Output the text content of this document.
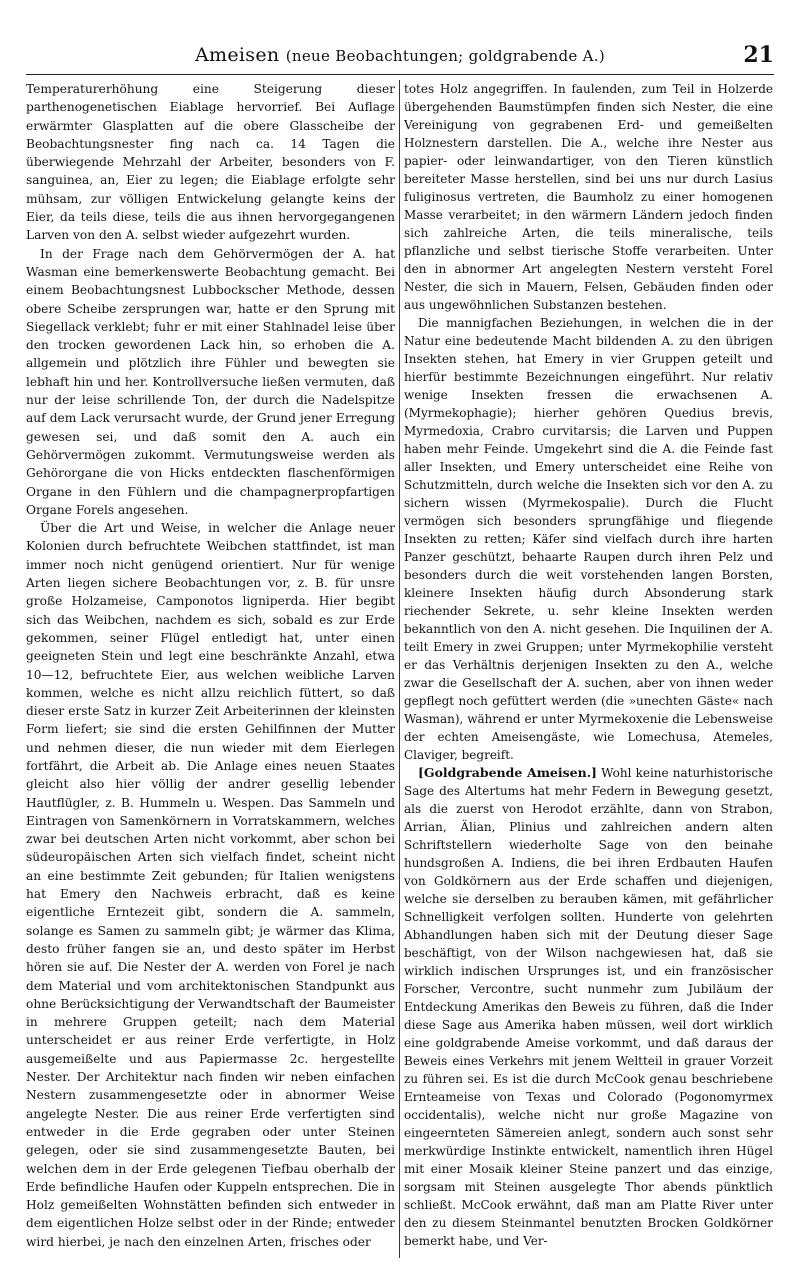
Ameisen (neue Beobachtungen; goldgrabende A.)	21

Temperaturerhöhung eine Steigerung dieser parthenogenetischen Eiablage hervorrief. Bei Auflage erwärmter Glasplatten auf die obere Glasscheibe der Beobachtungsnester fing nach ca. 14 Tagen die überwiegende Mehrzahl der Arbeiter, besonders von F. sanguinea, an, Eier zu legen; die Eiablage erfolgte sehr mühsam, zur völligen Entwickelung gelangte keins der Eier, da teils diese, teils die aus ihnen hervorgegangenen Larven von den A. selbst wieder aufgezehrt wurden.

In der Frage nach dem Gehörvermögen der A. hat Wasman eine bemerkenswerte Beobachtung gemacht. Bei einem Beobachtungsnest Lubbockscher Methode, dessen obere Scheibe zersprungen war, hatte er den Sprung mit Siegellack verklebt; fuhr er mit einer Stahlnadel leise über den trocken gewordenen Lack hin, so erhoben die A. allgemein und plötzlich ihre Fühler und bewegten sie lebhaft hin und her. Kontrollversuche ließen vermuten, daß nur der leise schrillende Ton, der durch die Nadelspitze auf dem Lack verursacht wurde, der Grund jener Erregung gewesen sei, und daß somit den A. auch ein Gehörvermögen zukommt. Vermutungsweise werden als Gehörorgane die von Hicks entdeckten flaschenförmigen Organe in den Fühlern und die champagnerpropfartigen Organe Forels angesehen.

Über die Art und Weise, in welcher die Anlage neuer Kolonien durch befruchtete Weibchen stattfindet, ist man immer noch nicht genügend orientiert. Nur für wenige Arten liegen sichere Beobachtungen vor, z. B. für unsre große Holzameise, Camponotos ligniperda. Hier begibt sich das Weibchen, nachdem es sich, sobald es zur Erde gekommen, seiner Flügel entledigt hat, unter einen geeigneten Stein und legt eine beschränkte Anzahl, etwa 10—12, befruchtete Eier, aus welchen weibliche Larven kommen, welche es nicht allzu reichlich füttert, so daß dieser erste Satz in kurzer Zeit Arbeiterinnen der kleinsten Form liefert; sie sind die ersten Gehilfinnen der Mutter und nehmen dieser, die nun wieder mit dem Eierlegen fortfährt, die Arbeit ab. Die Anlage eines neuen Staates gleicht also hier völlig der andrer gesellig lebender Hautflügler, z. B. Hummeln u. Wespen. Das Sammeln und Eintragen von Samenkörnern in Vorratskammern, welches zwar bei deutschen Arten nicht vorkommt, aber schon bei südeuropäischen Arten sich vielfach findet, scheint nicht an eine bestimmte Zeit gebunden; für Italien wenigstens hat Emery den Nachweis erbracht, daß es keine eigentliche Erntezeit gibt, sondern die A. sammeln, solange es Samen zu sammeln gibt; je wärmer das Klima, desto früher fangen sie an, und desto später im Herbst hören sie auf. Die Nester der A. werden von Forel je nach dem Material und vom architektonischen Standpunkt aus ohne Berücksichtigung der Verwandtschaft der Baumeister in mehrere Gruppen geteilt; nach dem Material unterscheidet er aus reiner Erde verfertigte, in Holz ausgemeißelte und aus Papiermasse 2c. hergestellte Nester. Der Architektur nach finden wir neben einfachen Nestern zusammengesetzte oder in abnormer Weise angelegte Nester. Die aus reiner Erde verfertigten sind entweder in die Erde gegraben oder unter Steinen gelegen, oder sie sind zusammengesetzte Bauten, bei welchen dem in der Erde gelegenen Tiefbau oberhalb der Erde befindliche Haufen oder Kuppeln entsprechen. Die in Holz gemeißelten Wohnstätten befinden sich entweder in dem eigentlichen Holze selbst oder in der Rinde; entweder wird hierbei, je nach den einzelnen Arten, frisches oder

totes Holz angegriffen. In faulenden, zum Teil in Holzerde übergehenden Baumstümpfen finden sich Nester, die eine Vereinigung von gegrabenen Erd- und gemeißelten Holznestern darstellen. Die A., welche ihre Nester aus papier- oder leinwandartiger, von den Tieren künstlich bereiteter Masse herstellen, sind bei uns nur durch Lasius fuliginosus vertreten, die Baumholz zu einer homogenen Masse verarbeitet; in den wärmern Ländern jedoch finden sich zahlreiche Arten, die teils mineralische, teils pflanzliche und selbst tierische Stoffe verarbeiten. Unter den in abnormer Art angelegten Nestern versteht Forel Nester, die sich in Mauern, Felsen, Gebäuden finden oder aus ungewöhnlichen Substanzen bestehen.

Die mannigfachen Beziehungen, in welchen die in der Natur eine bedeutende Macht bildenden A. zu den übrigen Insekten stehen, hat Emery in vier Gruppen geteilt und hierfür bestimmte Bezeichnungen eingeführt. Nur relativ wenige Insekten fressen die erwachsenen A. (Myrmekophagie); hierher gehören Quedius brevis, Myrmedoxia, Crabro curvitarsis; die Larven und Puppen haben mehr Feinde. Umgekehrt sind die A. die Feinde fast aller Insekten, und Emery unterscheidet eine Reihe von Schutzmitteln, durch welche die Insekten sich vor den A. zu sichern wissen (Myrmekospalie). Durch die Flucht vermögen sich besonders sprungfähige und fliegende Insekten zu retten; Käfer sind vielfach durch ihre harten Panzer geschützt, behaarte Raupen durch ihren Pelz und besonders durch die weit vorstehenden langen Borsten, kleinere Insekten häufig durch Absonderung stark riechender Sekrete, u. sehr kleine Insekten werden bekanntlich von den A. nicht gesehen. Die Inquilinen der A. teilt Emery in zwei Gruppen; unter Myrmekophilie versteht er das Verhältnis derjenigen Insekten zu den A., welche zwar die Gesellschaft der A. suchen, aber von ihnen weder gepflegt noch gefüttert werden (die »unechten Gäste« nach Wasman), während er unter Myrmekoxenie die Lebensweise der echten Ameisengäste, wie Lomechusa, Atemeles, Claviger, begreift.

[Goldgrabende Ameisen.] Wohl keine naturhistorische Sage des Altertums hat mehr Federn in Bewegung gesetzt, als die zuerst von Herodot erzählte, dann von Strabon, Arrian, Älian, Plinius und zahlreichen andern alten Schriftstellern wiederholte Sage von den beinahe hundsgroßen A. Indiens, die bei ihren Erdbauten Haufen von Goldkörnern aus der Erde schaffen und diejenigen, welche sie derselben zu berauben kämen, mit gefährlicher Schnelligkeit verfolgen sollten. Hunderte von gelehrten Abhandlungen haben sich mit der Deutung dieser Sage beschäftigt, von der Wilson nachgewiesen hat, daß sie wirklich indischen Ursprunges ist, und ein französischer Forscher, Vercontre, sucht nunmehr zum Jubiläum der Entdeckung Amerikas den Beweis zu führen, daß die Inder diese Sage aus Amerika haben müssen, weil dort wirklich eine goldgrabende Ameise vorkommt, und daß daraus der Beweis eines Verkehrs mit jenem Weltteil in grauer Vorzeit zu führen sei. Es ist die durch McCook genau beschriebene Ernteameise von Texas und Colorado (Pogonomyrmex occidentalis), welche nicht nur große Magazine von eingeernteten Sämereien anlegt, sondern auch sonst sehr merkwürdige Instinkte entwickelt, namentlich ihren Hügel mit einer Mosaik kleiner Steine panzert und das einzige, sorgsam mit Steinen ausgelegte Thor abends pünktlich schließt. McCook erwähnt, daß man am Platte River unter den zu diesem Steinmantel benutzten Brocken Goldkörner bemerkt habe, und Ver-
